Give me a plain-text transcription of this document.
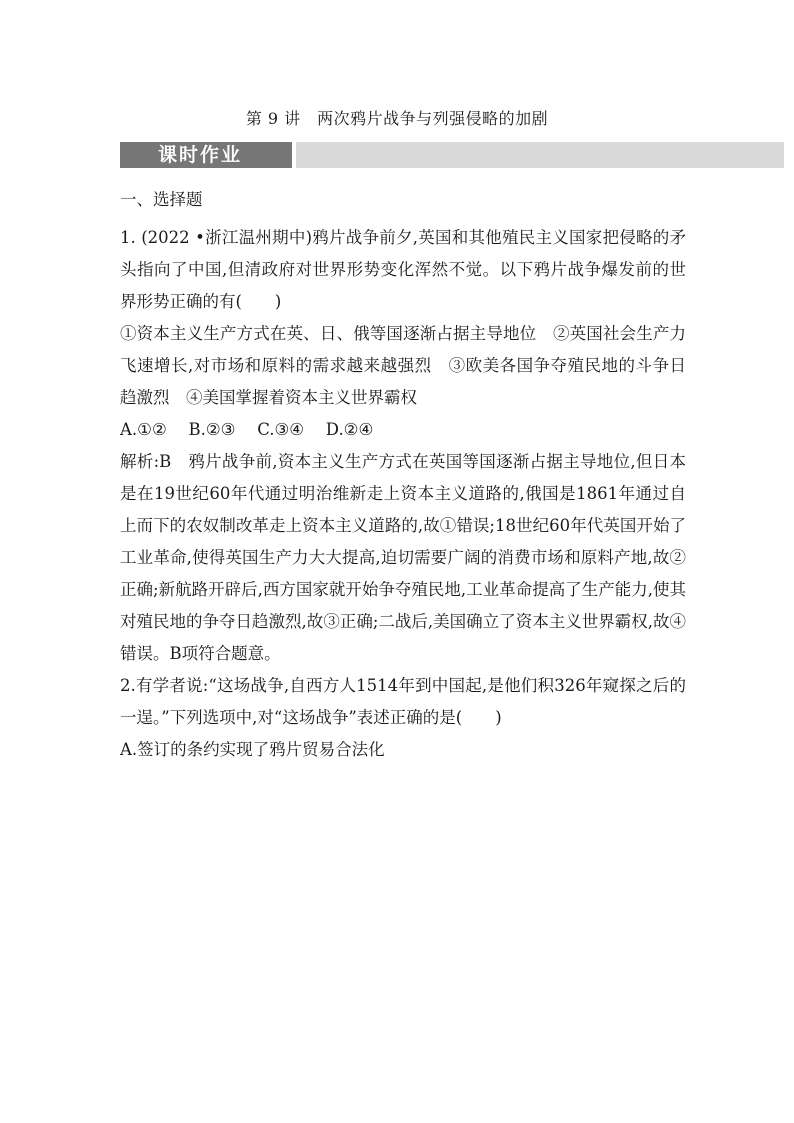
第 9 讲　两次鸦片战争与列强侵略的加剧
课时作业

一、选择题

1. (2022 •浙江温州期中)鸦片战争前夕,英国和其他殖民主义国家把侵略的矛头指向了中国,但清政府对世界形势变化浑然不觉。以下鸦片战争爆发前的世界形势正确的有(　　)

①资本主义生产方式在英、日、俄等国逐渐占据主导地位　②英国社会生产力飞速增长,对市场和原料的需求越来越强烈　③欧美各国争夺殖民地的斗争日趋激烈　④美国掌握着资本主义世界霸权

A.①②　 B.②③　 C.③④　 D.②④

解析:B　鸦片战争前,资本主义生产方式在英国等国逐渐占据主导地位,但日本是在19世纪60年代通过明治维新走上资本主义道路的,俄国是1861年通过自上而下的农奴制改革走上资本主义道路的,故①错误;18世纪60年代英国开始了工业革命,使得英国生产力大大提高,迫切需要广阔的消费市场和原料产地,故②正确;新航路开辟后,西方国家就开始争夺殖民地,工业革命提高了生产能力,使其对殖民地的争夺日趋激烈,故③正确;二战后,美国确立了资本主义世界霸权,故④错误。B项符合题意。

2.有学者说:“这场战争,自西方人1514年到中国起,是他们积326年窥探之后的一逞。”下列选项中,对“这场战争”表述正确的是(　　)

A.签订的条约实现了鸦片贸易合法化
